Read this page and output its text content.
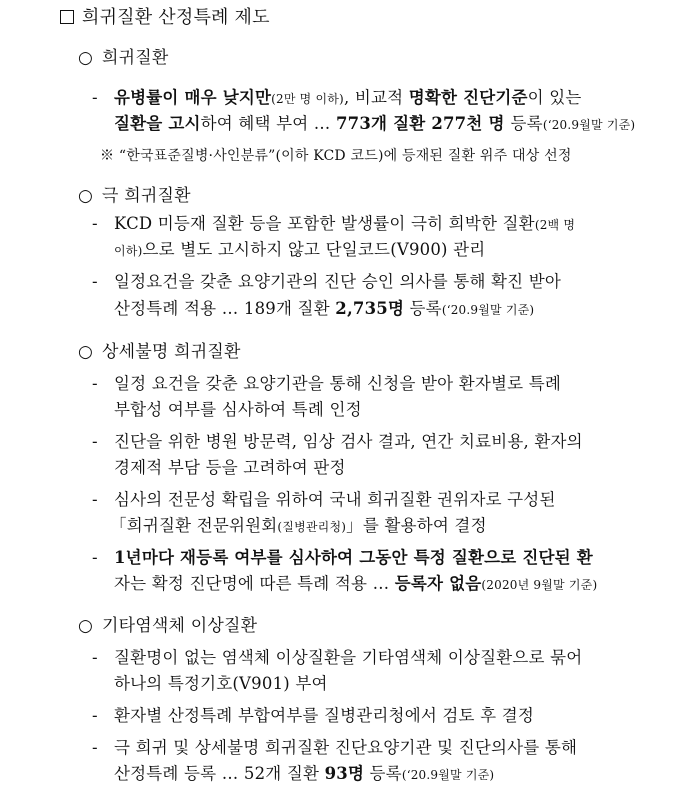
희귀질환 산정특례 제도
○ 희귀질환
- 유병률이 매우 낮지만(2만 명 이하), 비교적 명확한 진단기준이 있는
질환을 고시하여 혜택 부여 … 773개 질환 277천 명 등록(‘20.9월말 기준)
※ “한국표준질병·사인분류”(이하 KCD 코드)에 등재된 질환 위주 대상 선정
○ 극 희귀질환
- KCD 미등재 질환 등을 포함한 발생률이 극히 희박한 질환(2백 명
이하)으로 별도 고시하지 않고 단일코드(V900) 관리
- 일정요건을 갖춘 요양기관의 진단 승인 의사를 통해 확진 받아
산정특례 적용 … 189개 질환 2,735명 등록(‘20.9월말 기준)
○ 상세불명 희귀질환
- 일정 요건을 갖춘 요양기관을 통해 신청을 받아 환자별로 특례
부합성 여부를 심사하여 특례 인정
- 진단을 위한 병원 방문력, 임상 검사 결과, 연간 치료비용, 환자의
경제적 부담 등을 고려하여 판정
- 심사의 전문성 확립을 위하여 국내 희귀질환 권위자로 구성된
「희귀질환 전문위원회(질병관리청)」를 활용하여 결정
- 1년마다 재등록 여부를 심사하여 그동안 특정 질환으로 진단된 환
자는 확정 진단명에 따른 특례 적용 … 등록자 없음(2020년 9월말 기준)
○ 기타염색체 이상질환
- 질환명이 없는 염색체 이상질환을 기타염색체 이상질환으로 묶어
하나의 특정기호(V901) 부여
- 환자별 산정특례 부합여부를 질병관리청에서 검토 후 결정
- 극 희귀 및 상세불명 희귀질환 진단요양기관 및 진단의사를 통해
산정특례 등록 … 52개 질환 93명 등록(‘20.9월말 기준)
